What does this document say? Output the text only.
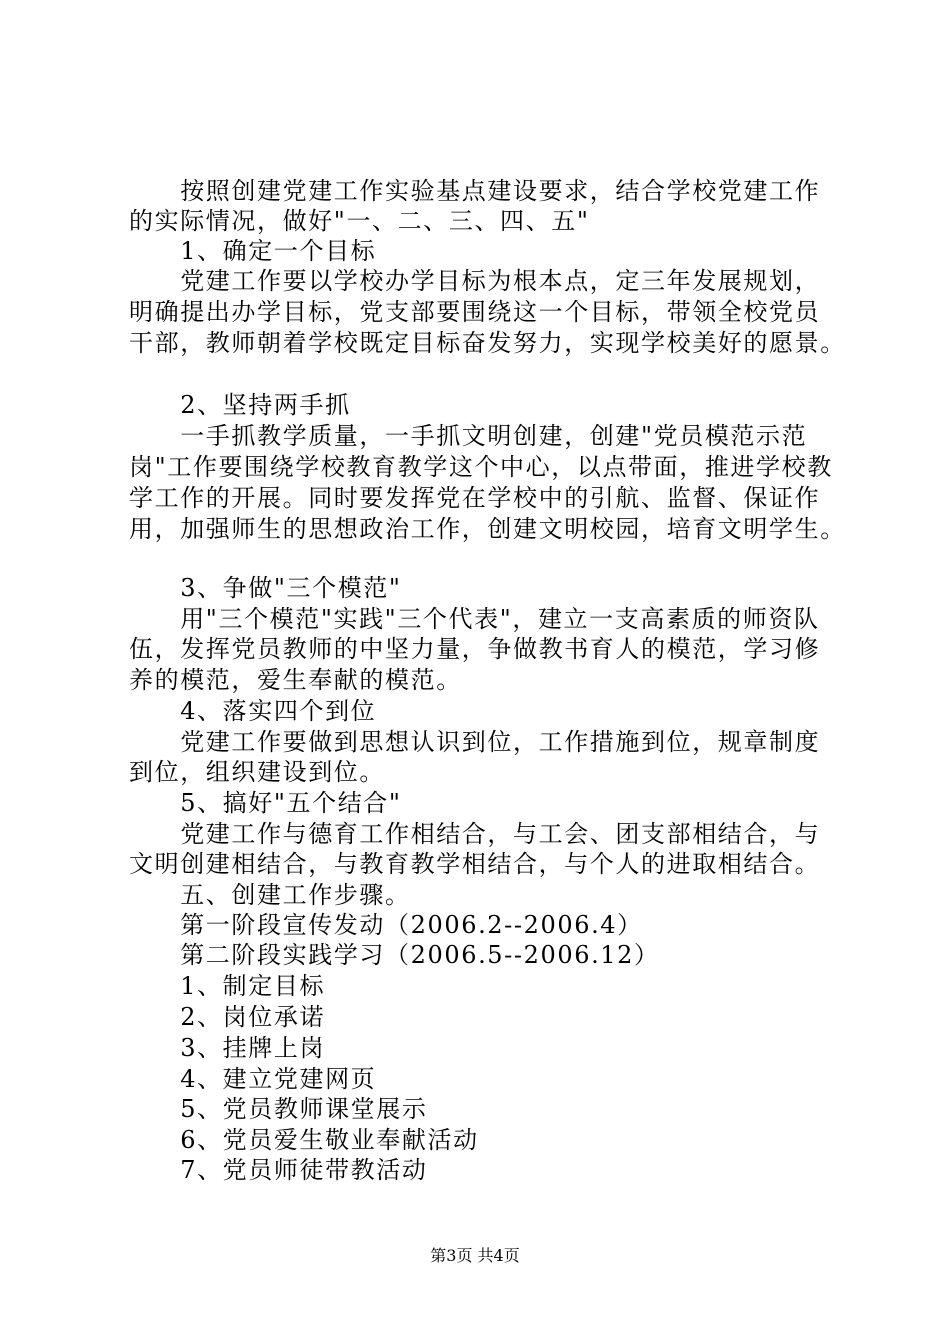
　　按照创建党建工作实验基点建设要求，结合学校党建工作
的实际情况，做好"一、二、三、四、五"
　　1、确定一个目标
　　党建工作要以学校办学目标为根本点，定三年发展规划，
明确提出办学目标，党支部要围绕这一个目标，带领全校党员
干部，教师朝着学校既定目标奋发努力，实现学校美好的愿景。
　　2、坚持两手抓
　　一手抓教学质量，一手抓文明创建，创建"党员模范示范
岗"工作要围绕学校教育教学这个中心，以点带面，推进学校教
学工作的开展。同时要发挥党在学校中的引航、监督、保证作
用，加强师生的思想政治工作，创建文明校园，培育文明学生。
　　3、争做"三个模范"
　　用"三个模范"实践"三个代表"，建立一支高素质的师资队
伍，发挥党员教师的中坚力量，争做教书育人的模范，学习修
养的模范，爱生奉献的模范。
　　4、落实四个到位
　　党建工作要做到思想认识到位，工作措施到位，规章制度
到位，组织建设到位。
　　5、搞好"五个结合"
　　党建工作与德育工作相结合，与工会、团支部相结合，与
文明创建相结合，与教育教学相结合，与个人的进取相结合。
　　五、创建工作步骤。
　　第一阶段宣传发动（2006.2--2006.4）
　　第二阶段实践学习（2006.5--2006.12）
　　1、制定目标
　　2、岗位承诺
　　3、挂牌上岗
　　4、建立党建网页
　　5、党员教师课堂展示
　　6、党员爱生敬业奉献活动
　　7、党员师徒带教活动
第3页 共4页
